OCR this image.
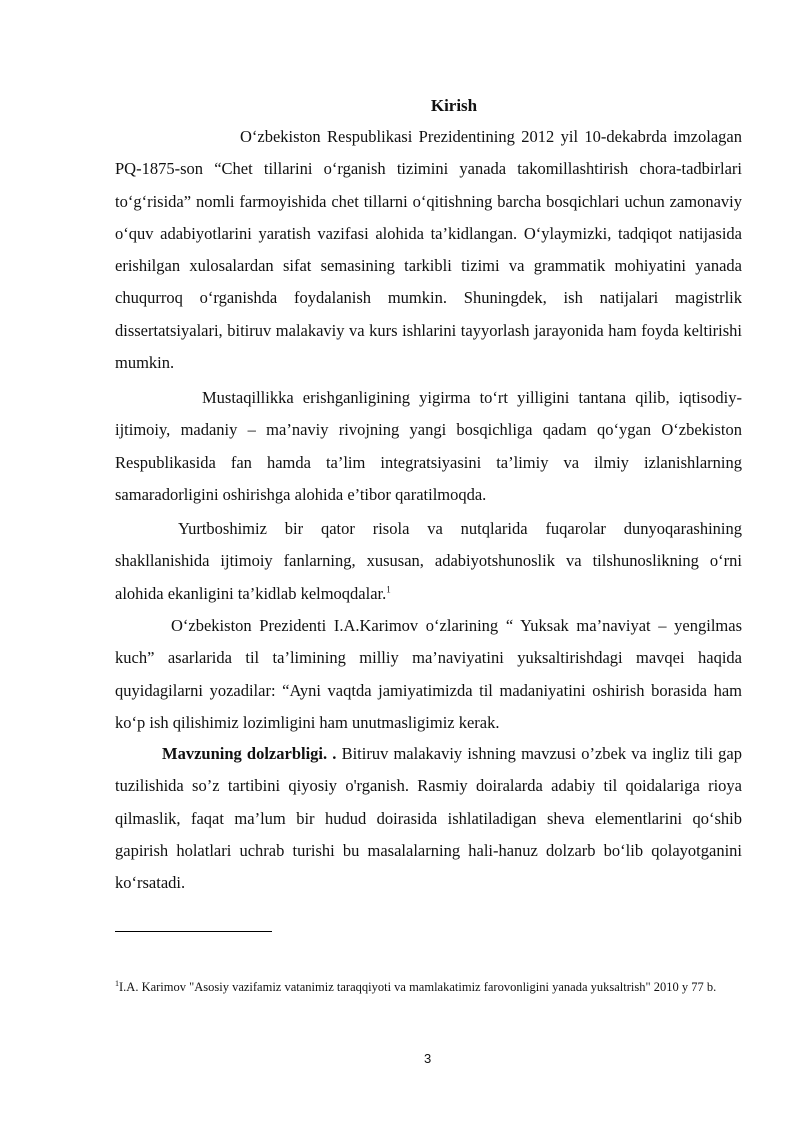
Kirish

O‘zbekiston Respublikasi Prezidentining 2012 yil 10-dekabrda imzolagan PQ-1875-son “Chet tillarini o‘rganish tizimini yanada takomillashtirish chora-tadbirlari to‘g‘risida” nomli farmoyishida chet tillarni o‘qitishning barcha bosqichlari uchun zamonaviy o‘quv adabiyotlarini yaratish vazifasi alohida ta’kidlangan. O‘ylaymizki, tadqiqot natijasida erishilgan xulosalardan sifat semasining tarkibli tizimi va grammatik mohiyatini yanada chuqurroq o‘rganishda foydalanish mumkin. Shuningdek, ish natijalari magistrlik dissertatsiyalari, bitiruv malakaviy va kurs ishlarini tayyorlash jarayonida ham foyda keltirishi mumkin.

Mustaqillikka erishganligining yigirma to‘rt yilligini tantana qilib, iqtisodiy-ijtimoiy, madaniy – ma’naviy rivojning yangi bosqichliga qadam qo‘ygan O‘zbekiston Respublikasida fan hamda ta’lim integratsiyasini ta’limiy va ilmiy izlanishlarning samaradorligini oshirishga alohida e’tibor qaratilmoqda.

Yurtboshimiz bir qator risola va nutqlarida fuqarolar dunyoqarashining shakllanishida ijtimoiy fanlarning, xususan, adabiyotshunoslik va tilshunoslikning o‘rni alohida ekanligini ta’kidlab kelmoqdalar.$^1$

O‘zbekiston Prezidenti I.A.Karimov o‘zlarining “ Yuksak ma’naviyat – yengilmas kuch” asarlarida til ta’limining milliy ma’naviyatini yuksaltirishdagi mavqei haqida quyidagilarni yozadilar: “Ayni vaqtda jamiyatimizda til madaniyatini oshirish borasida ham ko‘p ish qilishimiz lozimligini ham unutmasligimiz kerak.

Mavzuning dolzarbligi. . Bitiruv malakaviy ishning mavzusi o’zbek va ingliz tili gap tuzilishida so’z tartibini qiyosiy o'rganish. Rasmiy doiralarda adabiy til qoidalariga rioya qilmaslik, faqat ma’lum bir hudud doirasida ishlatiladigan sheva elementlarini qo‘shib gapirish holatlari uchrab turishi bu masalalarning hali-hanuz dolzarb bo‘lib qolayotganini ko‘rsatadi.

$^1$I.A. Karimov "Asosiy vazifamiz vatanimiz taraqqiyoti va mamlakatimiz farovonligini yanada yuksaltrish" 2010 y 77 b.

3
